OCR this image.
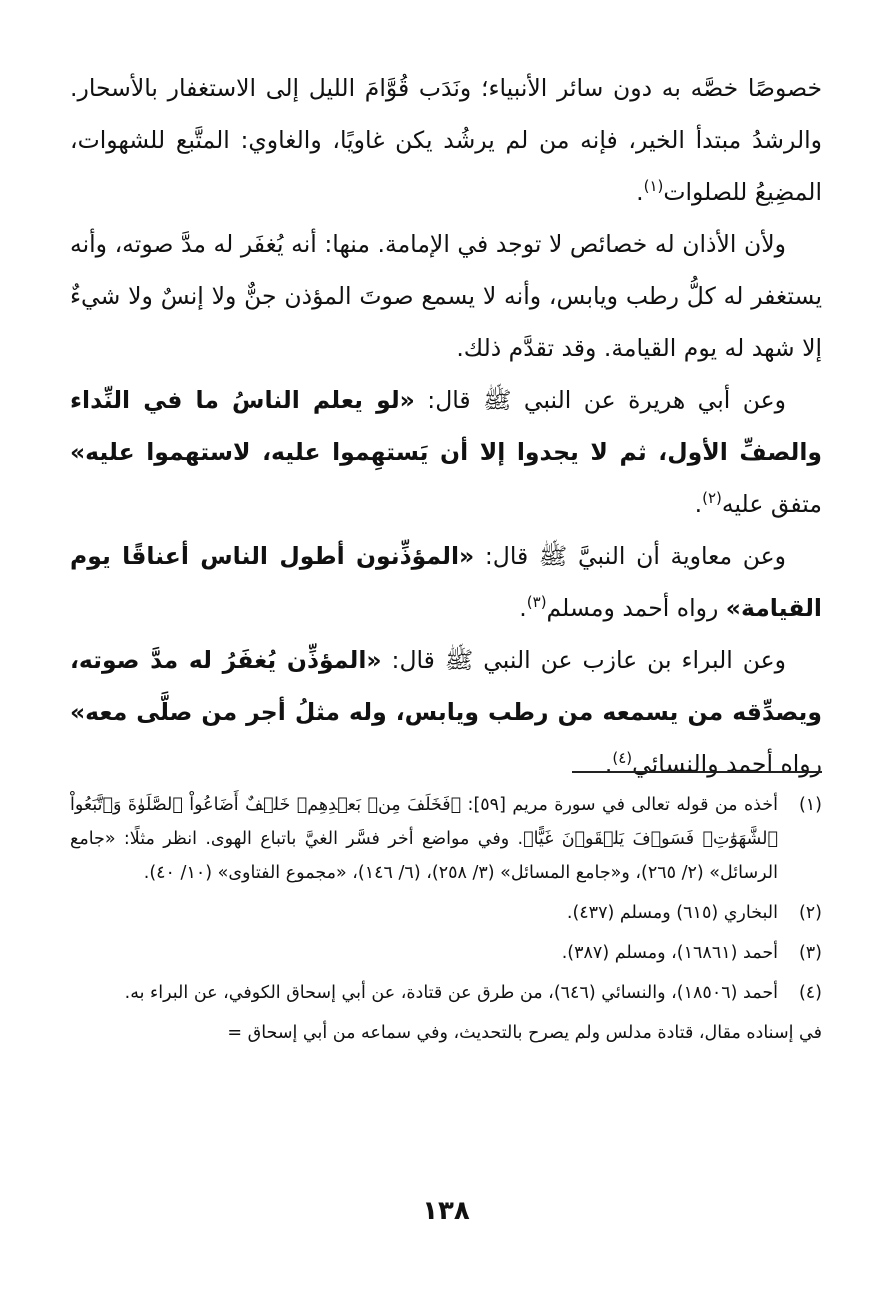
خصوصًا خصَّه به دون سائر الأنبياء؛ ونَدَب قُوَّامَ الليل إلى الاستغفار بالأسحار. والرشدُ مبتدأ الخير، فإنه من لم يرشُد يكن غاويًا، والغاوي: المتَّبع للشهوات، المضِيعُ للصلوات$^{(١)}$.

ولأن الأذان له خصائص لا توجد في الإمامة. منها: أنه يُغفَر له مدَّ صوته، وأنه يستغفر له كلُّ رطب ويابس، وأنه لا يسمع صوتَ المؤذن جنٌّ ولا إنسٌ ولا شيءٌ إلا شهد له يوم القيامة. وقد تقدَّم ذلك.

وعن أبي هريرة عن النبي ﷺ قال: «لو يعلم الناسُ ما في النِّداء والصفِّ الأول، ثم لا يجدوا إلا أن يَستهِموا عليه، لاستهموا عليه» متفق عليه$^{(٢)}$.

وعن معاوية أن النبيَّ ﷺ قال: «المؤذِّنون أطول الناس أعناقًا يوم القيامة» رواه أحمد ومسلم$^{(٣)}$.

وعن البراء بن عازب عن النبي ﷺ قال: «المؤذِّن يُغفَرُ له مدَّ صوته، ويصدِّقه من يسمعه من رطب ويابس، وله مثلُ أجر من صلَّى معه» رواه أحمد والنسائي$^{(٤)}$.

(١)
أخذه من قوله تعالى في سورة مريم [٥٩]: ﴿فَخَلَفَ مِنۢ بَعۡدِهِمۡ خَلۡفٌ أَضَاعُواْ ٱلصَّلَوٰةَ وَٱتَّبَعُواْ ٱلشَّهَوَٰتِۖ فَسَوۡفَ يَلۡقَوۡنَ غَيًّا﴾. وفي مواضع أخر فسَّر الغيَّ باتباع الهوى. انظر مثلًا: «جامع الرسائل» (٢/ ٢٦٥)، و«جامع المسائل» (٣/ ٢٥٨)، (٦/ ١٤٦)، «مجموع الفتاوى» (١٠/ ٤٠).
(٢)
البخاري (٦١٥) ومسلم (٤٣٧).
(٣)
أحمد (١٦٨٦١)، ومسلم (٣٨٧).
(٤)
أحمد (١٨٥٠٦)، والنسائي (٦٤٦)، من طرق عن قتادة، عن أبي إسحاق الكوفي، عن البراء به.
في إسناده مقال، قتادة مدلس ولم يصرح بالتحديث، وفي سماعه من أبي إسحاق =
١٣٨
